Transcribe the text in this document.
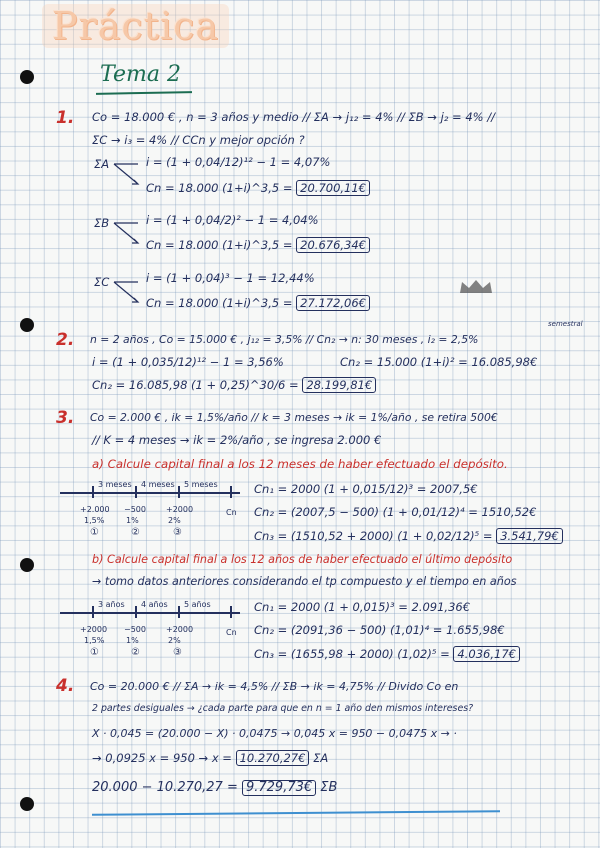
Práctica
Tema 2
1. Co = 18.000 € , n = 3 años y medio // ΣA → j₁₂ = 4% // ΣB → j₂ = 4% //
ΣC → i₃ = 4% // CCn y mejor opción ?
ΣA	i = (1 + 0,04/12)¹² − 1 = 4,07%
Cn = 18.000 (1+i)^3,5 = 20.700,11€
ΣB	i = (1 + 0,04/2)² − 1 = 4,04%
Cn = 18.000 (1+i)^3,5 = 20.676,34€
ΣC	i = (1 + 0,04)³ − 1 = 12,44%
Cn = 18.000 (1+i)^3,5 = 27.172,06€
2. n = 2 años , Co = 15.000 € , j₁₂ = 3,5% // Cn₂ → n: 30 meses , i₂ = 2,5%
semestral
i = (1 + 0,035/12)¹² − 1 = 3,56%	Cn₂ = 15.000 (1+i)² = 16.085,98€
Cn₂ = 16.085,98 (1 + 0,25)^30/6 = 28.199,81€
3. Co = 2.000 € , ik = 1,5%/año // k = 3 meses → ik = 1%/año , se retira 500€
// K = 4 meses → ik = 2%/año , se ingresa 2.000 €
a) Calcule capital final a los 12 meses de haber efectuado el depósito.
3 meses 4 meses 5 meses
+2.000 −500	+2000
1,5%	1%	2%
①	②	③
Cn
Cn₁ = 2000 (1 + 0,015/12)³ = 2007,5€
Cn₂ = (2007,5 − 500) (1 + 0,01/12)⁴ = 1510,52€
Cn₃ = (1510,52 + 2000) (1 + 0,02/12)⁵ = 3.541,79€
b) Calcule capital final a los 12 años de haber efectuado el último depósito
→ tomo datos anteriores considerando el tp compuesto y el tiempo en años
3 años 4 años 5 años
+2000 −500	+2000
1,5%	1%	2%
①	②	③
Cn
Cn₁ = 2000 (1 + 0,015)³ = 2.091,36€
Cn₂ = (2091,36 − 500) (1,01)⁴ = 1.655,98€
Cn₃ = (1655,98 + 2000) (1,02)⁵ = 4.036,17€
4. Co = 20.000 € // ΣA → ik = 4,5% // ΣB → ik = 4,75% // Divido Co en
2 partes desiguales → ¿cada parte para que en n = 1 año den mismos intereses?
X · 0,045 = (20.000 − X) · 0,0475 → 0,045 x = 950 − 0,0475 x → ·
→ 0,0925 x = 950 → x = 10.270,27€ ΣA
20.000 − 10.270,27 = 9.729,73€ ΣB
